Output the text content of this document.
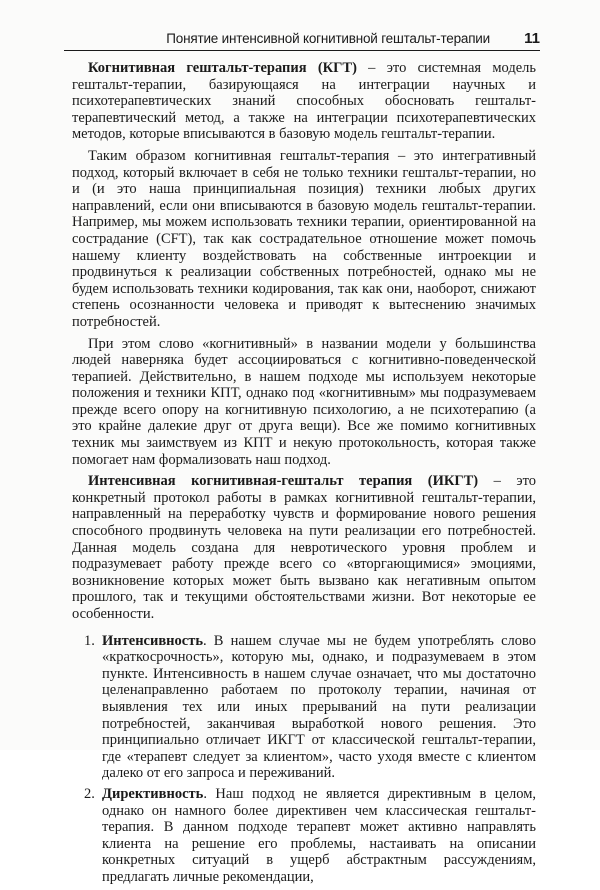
Понятие интенсивной когнитивной гештальт-терапии 11

Когнитивная гештальт-терапия (КГТ) – это системная модель гештальт-терапии, базирующаяся на интеграции научных и психотерапевтических знаний способных обосновать гештальт-терапевтический метод, а также на интеграции психотерапевтических методов, которые вписываются в базовую модель гештальт-терапии.

Таким образом когнитивная гештальт-терапия – это интегративный подход, который включает в себя не только техники гештальт-терапии, но и (и это наша принципиальная позиция) техники любых других направлений, если они вписываются в базовую модель гештальт-терапии. Например, мы можем использовать техники терапии, ориентированной на сострадание (CFT), так как сострадательное отношение может помочь нашему клиенту воздействовать на собственные интроекции и продвинуться к реализации собственных потребностей, однако мы не будем использовать техники кодирования, так как они, наоборот, снижают степень осознанности человека и приводят к вытеснению значимых потребностей.

При этом слово «когнитивный» в названии модели у большинства людей наверняка будет ассоциироваться с когнитивно-поведенческой терапией. Действительно, в нашем подходе мы используем некоторые положения и техники КПТ, однако под «когнитивным» мы подразумеваем прежде всего опору на когнитивную психологию, а не психотерапию (а это крайне далекие друг от друга вещи). Все же помимо когнитивных техник мы заимствуем из КПТ и некую протокольность, которая также помогает нам формализовать наш подход.

Интенсивная когнитивная-гештальт терапия (ИКГТ) – это конкретный протокол работы в рамках когнитивной гештальт-терапии, направленный на переработку чувств и формирование нового решения способного продвинуть человека на пути реализации его потребностей. Данная модель создана для невротического уровня проблем и подразумевает работу прежде всего со «вторгающимися» эмоциями, возникновение которых может быть вызвано как негативным опытом прошлого, так и текущими обстоятельствами жизни. Вот некоторые ее особенности.

1. Интенсивность. В нашем случае мы не будем употреблять слово «краткосрочность», которую мы, однако, и подразумеваем в этом пункте. Интенсивность в нашем случае означает, что мы достаточно целенаправленно работаем по протоколу терапии, начиная от выявления тех или иных прерываний на пути реализации потребностей, заканчивая выработкой нового решения. Это принципиально отличает ИКГТ от классической гештальт-терапии, где «терапевт следует за клиентом», часто уходя вместе с клиентом далеко от его запроса и переживаний.
2. Директивность. Наш подход не является директивным в целом, однако он намного более директивен чем классическая гештальт-терапия. В данном подходе терапевт может активно направлять клиента на решение его проблемы, настаивать на описании конкретных ситуаций в ущерб абстрактным рассуждениям, предлагать личные рекомендации,
